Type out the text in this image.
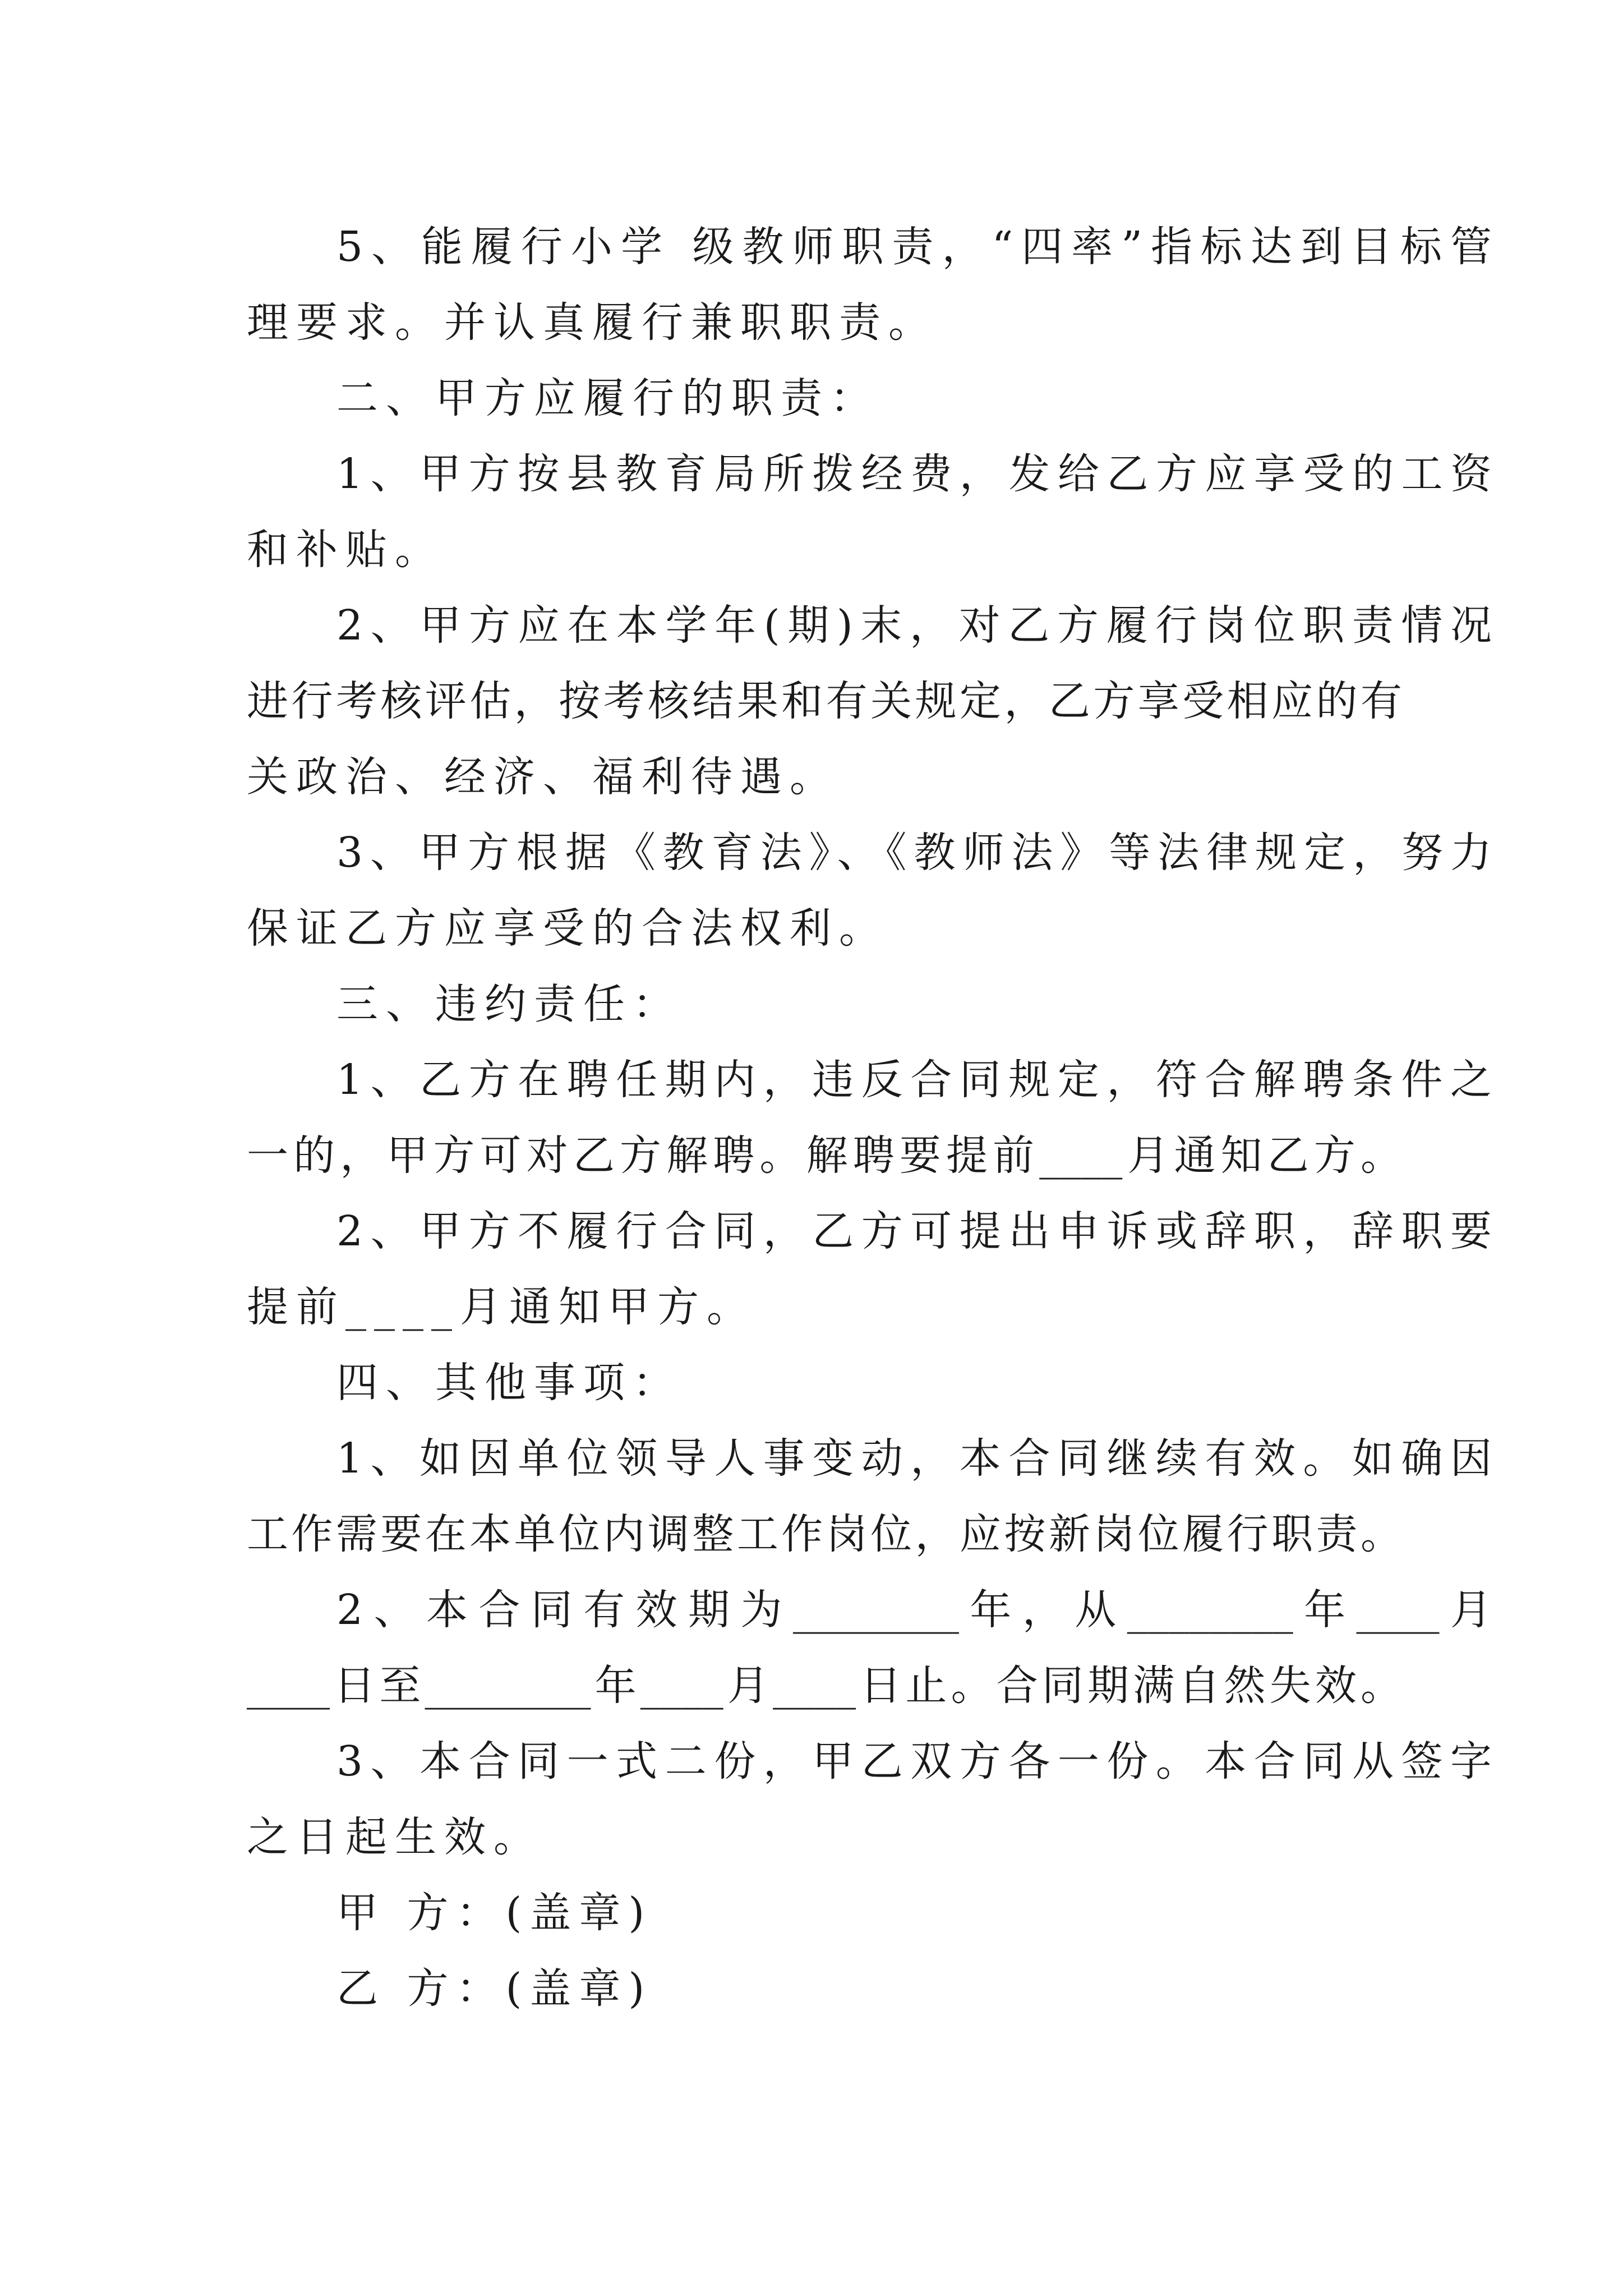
5、能履行小学 级教师职责，“四率”指标达到目标管
理要求。并认真履行兼职职责。
二、甲方应履行的职责：
1、甲方按县教育局所拨经费，发给乙方应享受的工资
和补贴。
2、甲方应在本学年(期)末，对乙方履行岗位职责情况
进行考核评估，按考核结果和有关规定，乙方享受相应的有
关政治、经济、福利待遇。
3、甲方根据《教育法》、《教师法》等法律规定，努力
保证乙方应享受的合法权利。
三、违约责任：
1、乙方在聘任期内，违反合同规定，符合解聘条件之
一的，甲方可对乙方解聘。解聘要提前____月通知乙方。
2、甲方不履行合同，乙方可提出申诉或辞职，辞职要
提前____月通知甲方。
四、其他事项：
1、如因单位领导人事变动，本合同继续有效。如确因
工作需要在本单位内调整工作岗位，应按新岗位履行职责。
2、本合同有效期为________年，从________年____月
____日至________年____月____日止。合同期满自然失效。
3、本合同一式二份，甲乙双方各一份。本合同从签字
之日起生效。
甲 方：(盖章)
乙 方：(盖章)
